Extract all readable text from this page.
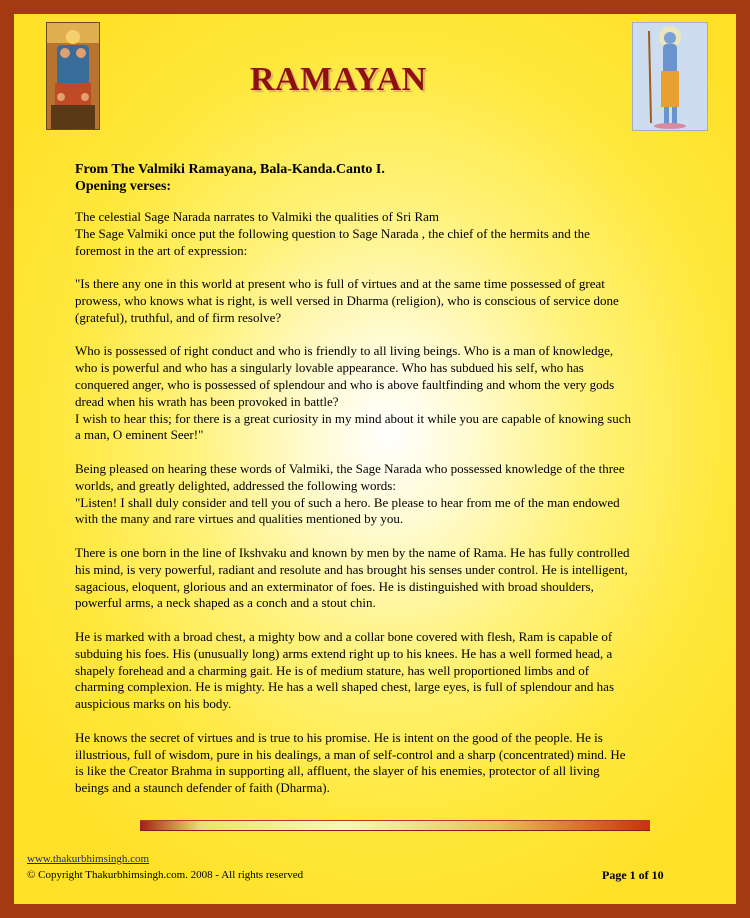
RAMAYAN
From The Valmiki Ramayana, Bala-Kanda.Canto I.
Opening verses:

The celestial Sage Narada narrates to Valmiki the qualities of Sri Ram
The Sage Valmiki once put the following question to Sage Narada , the chief of the hermits and the
foremost in the art of expression:

"Is there any one in this world at present who is full of virtues and at the same time possessed of great
prowess, who knows what is right, is well versed in Dharma (religion), who is conscious of service done
(grateful), truthful, and of firm resolve?

Who is possessed of right conduct and who is friendly to all living beings. Who is a man of knowledge,
who is powerful and who has a singularly lovable appearance. Who has subdued his self, who has
conquered anger, who is possessed of splendour and who is above faultfinding and whom the very gods
dread when his wrath has been provoked in battle?
I wish to hear this; for there is a great curiosity in my mind about it while you are capable of knowing such
a man, O eminent Seer!"

Being pleased on hearing these words of Valmiki, the Sage Narada who possessed knowledge of the three
worlds, and greatly delighted, addressed the following words:
"Listen! I shall duly consider and tell you of such a hero. Be please to hear from me of the man endowed
with the many and rare virtues and qualities mentioned by you.

There is one born in the line of Ikshvaku and known by men by the name of Rama. He has fully controlled
his mind, is very powerful, radiant and resolute and has brought his senses under control. He is intelligent,
sagacious, eloquent, glorious and an exterminator of foes. He is distinguished with broad shoulders,
powerful arms, a neck shaped as a conch and a stout chin.

He is marked with a broad chest, a mighty bow and a collar bone covered with flesh, Ram is capable of
subduing his foes. His (unusually long) arms extend right up to his knees. He has a well formed head, a
shapely forehead and a charming gait. He is of medium stature, has well proportioned limbs and of
charming complexion. He is mighty. He has a well shaped chest, large eyes, is full of splendour and has
auspicious marks on his body.

He knows the secret of virtues and is true to his promise. He is intent on the good of the people. He is
illustrious, full of wisdom, pure in his dealings, a man of self-control and a sharp (concentrated) mind. He
is like the Creator Brahma in supporting all, affluent, the slayer of his enemies, protector of all living
beings and a staunch defender of faith (Dharma).

www.thakurbhimsingh.com
© Copyright Thakurbhimsingh.com. 2008 - All rights reserved	Page 1 of 10
